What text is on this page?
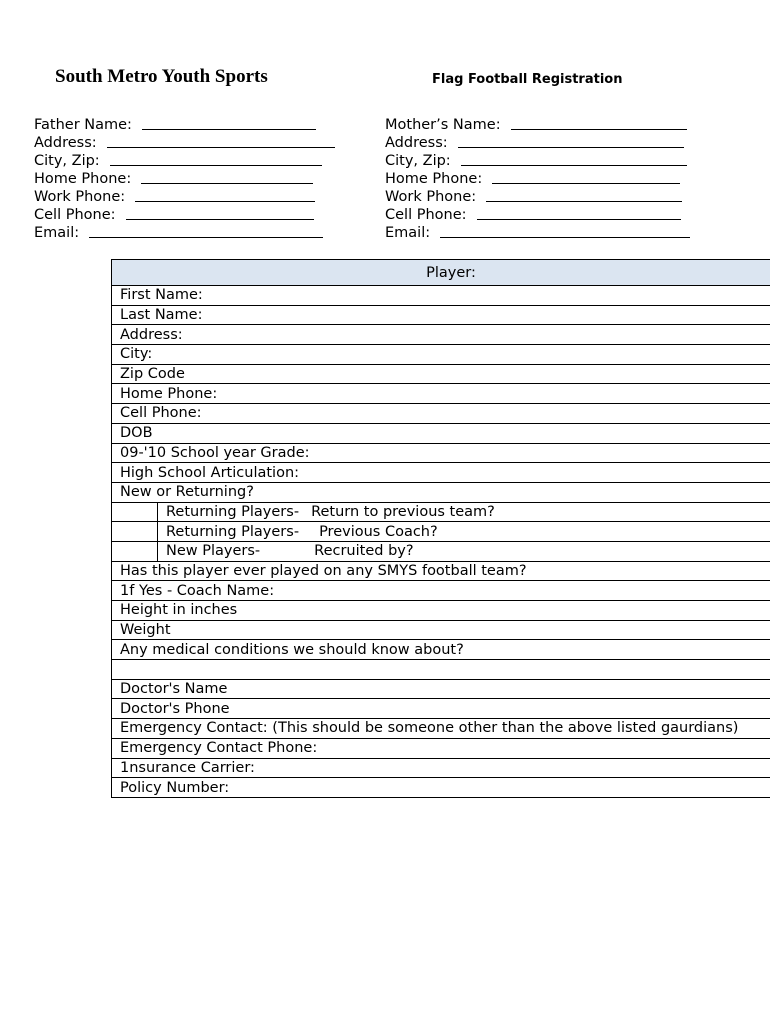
South Metro Youth Sports	Flag Football Registration
Father Name:
Address:
City, Zip:
Home Phone:
Work Phone:
Cell Phone:
Email:
Mother’s Name:
Address:
City, Zip:
Home Phone:
Work Phone:
Cell Phone:
Email:
Player:	
First Name:	
Last Name:	
Address:	
City:	
Zip Code	
Home Phone:	
Cell Phone:	
DOB	
09-'10 School year Grade:	
High School Articulation:	
New or Returning?	
	Returning Players- Return to previous team?
	Returning Players- Previous Coach?
	New Players- Recruited by?
Has this player ever played on any SMYS football team?	
1f Yes - Coach Name:	
Height in inches	
Weight	
Any medical conditions we should know about?	

Doctor's Name	
Doctor's Phone	
Emergency Contact: (This should be someone other than the above listed gaurdians)	
Emergency Contact Phone:	
1nsurance Carrier:	
Policy Number:	
